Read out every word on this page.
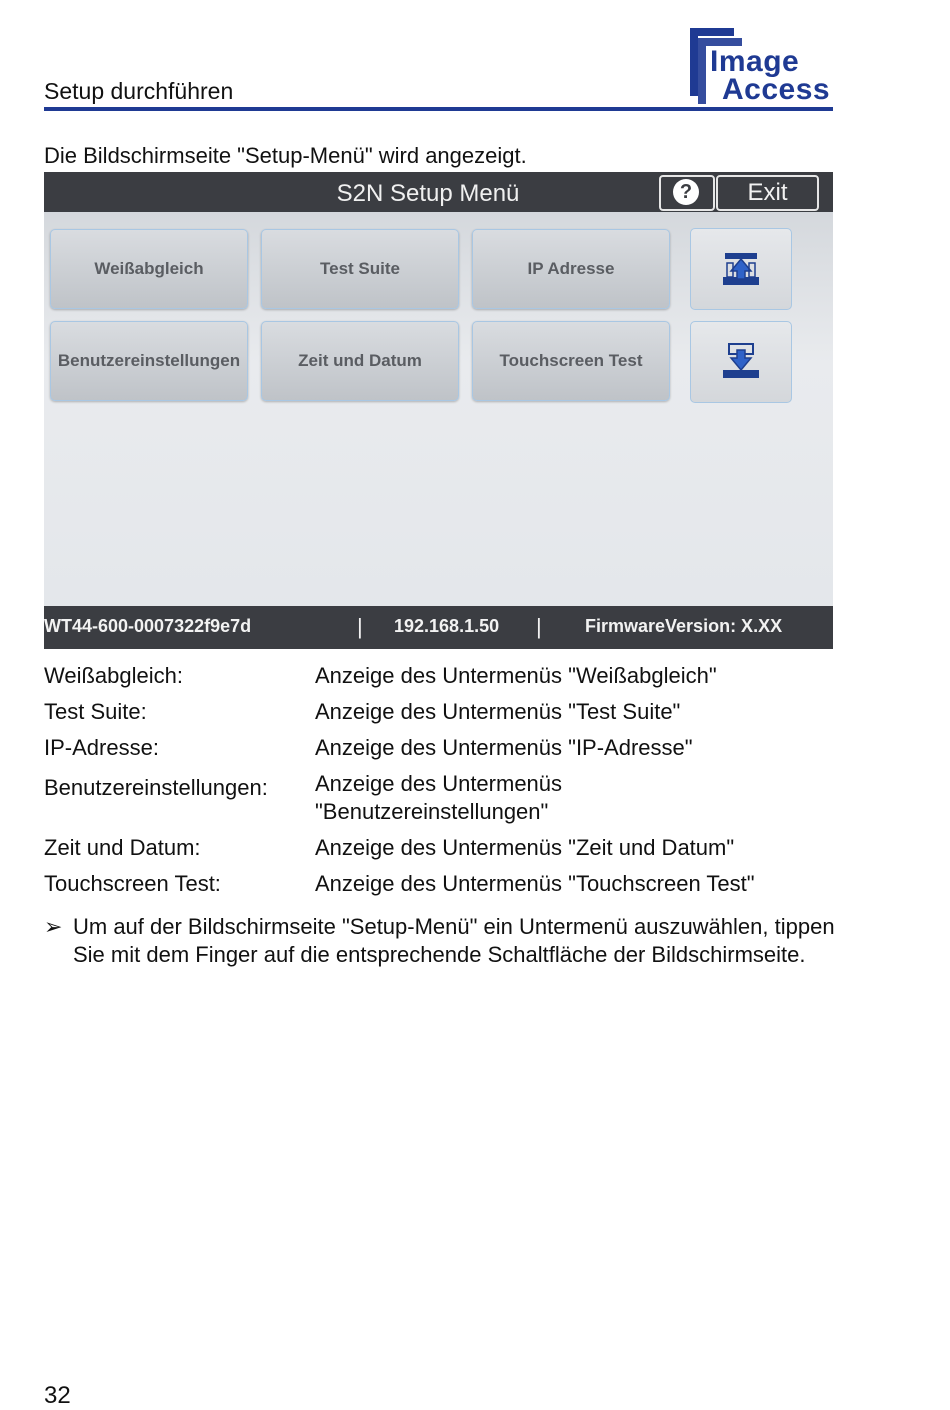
Setup durchführen
Image
Access
Die Bildschirmseite "Setup-Menü" wird angezeigt.
S2N Setup Menü	?	Exit
Weißabgleich	Test Suite	IP Adresse
Benutzereinstellungen	Zeit und Datum	Touchscreen Test
WT44-600-0007322f9e7d	| 192.168.1.50 | FirmwareVersion: X.XX
Weißabgleich:	Anzeige des Untermenüs "Weißabgleich"
Test Suite:	Anzeige des Untermenüs "Test Suite"
IP-Adresse:	Anzeige des Untermenüs "IP-Adresse"
Benutzereinstellungen: Anzeige des Untermenüs "Benutzereinstellungen"
Zeit und Datum:	Anzeige des Untermenüs "Zeit und Datum"
Touchscreen Test:	Anzeige des Untermenüs "Touchscreen Test"
➢ Um auf der Bildschirmseite "Setup-Menü" ein Untermenü auszuwählen, tippen Sie mit dem Finger auf die entsprechende Schaltfläche der Bildschirmseite.
32
